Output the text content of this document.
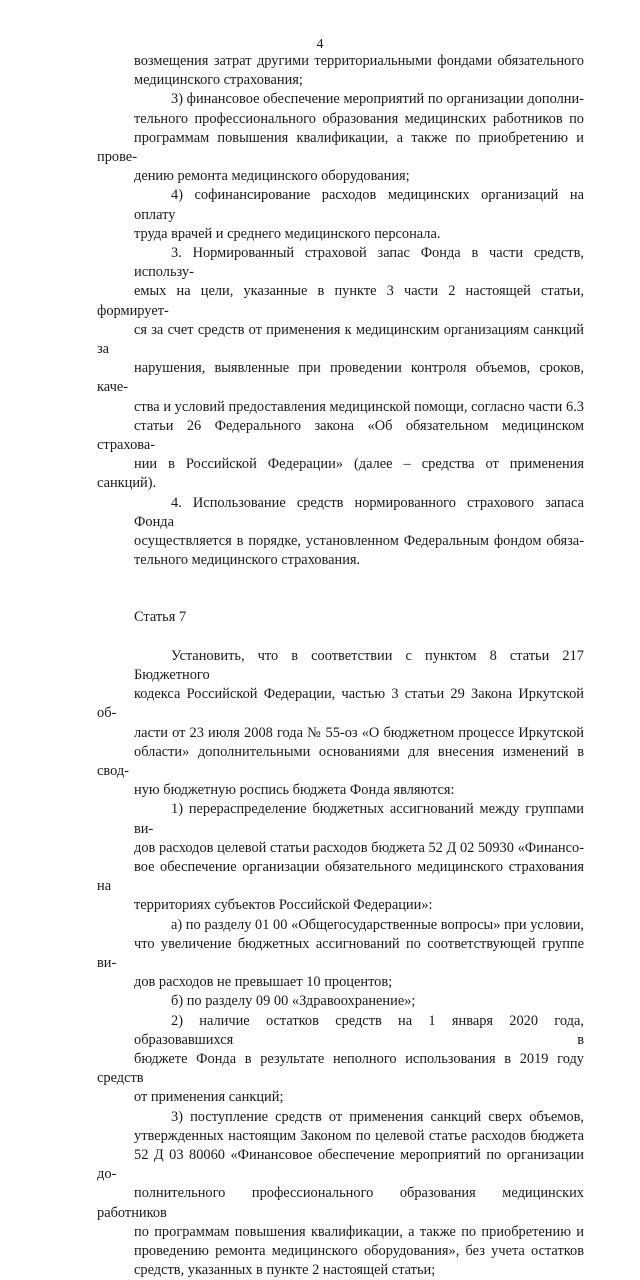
4
возмещения затрат другими территориальными фондами обязательного
медицинского страхования;
3) финансовое обеспечение мероприятий по организации дополни-
тельного профессионального образования медицинских работников по
программам повышения квалификации, а также по приобретению и прове-
дению ремонта медицинского оборудования;
4) софинансирование расходов медицинских организаций на оплату
труда врачей и среднего медицинского персонала.
3. Нормированный страховой запас Фонда в части средств, использу-
емых на цели, указанные в пункте 3 части 2 настоящей статьи, формирует-
ся за счет средств от применения к медицинским организациям санкций за
нарушения, выявленные при проведении контроля объемов, сроков, каче-
ства и условий предоставления медицинской помощи, согласно части 6.3
статьи 26 Федерального закона «Об обязательном медицинском страхова-
нии в Российской Федерации» (далее – средства от применения санкций).
4. Использование средств нормированного страхового запаса Фонда
осуществляется в порядке, установленном Федеральным фондом обяза-
тельного медицинского страхования.
Статья 7
Установить, что в соответствии с пунктом 8 статьи 217 Бюджетного
кодекса Российской Федерации, частью 3 статьи 29 Закона Иркутской об-
ласти от 23 июля 2008 года № 55-оз «О бюджетном процессе Иркутской
области» дополнительными основаниями для внесения изменений в свод-
ную бюджетную роспись бюджета Фонда являются:
1) перераспределение бюджетных ассигнований между группами ви-
дов расходов целевой статьи расходов бюджета 52 Д 02 50930 «Финансо-
вое обеспечение организации обязательного медицинского страхования на
территориях субъектов Российской Федерации»:
а) по разделу 01 00 «Общегосударственные вопросы» при условии,
что увеличение бюджетных ассигнований по соответствующей группе ви-
дов расходов не превышает 10 процентов;
б) по разделу 09 00 «Здравоохранение»;
2) наличие остатков средств на 1 января 2020 года, образовавшихся в
бюджете Фонда в результате неполного использования в 2019 году средств
от применения санкций;
3) поступление средств от применения санкций сверх объемов,
утвержденных настоящим Законом по целевой статье расходов бюджета
52 Д 03 80060 «Финансовое обеспечение мероприятий по организации до-
полнительного профессионального образования медицинских работников
по программам повышения квалификации, а также по приобретению и
проведению ремонта медицинского оборудования», без учета остатков
средств, указанных в пункте 2 настоящей статьи;
